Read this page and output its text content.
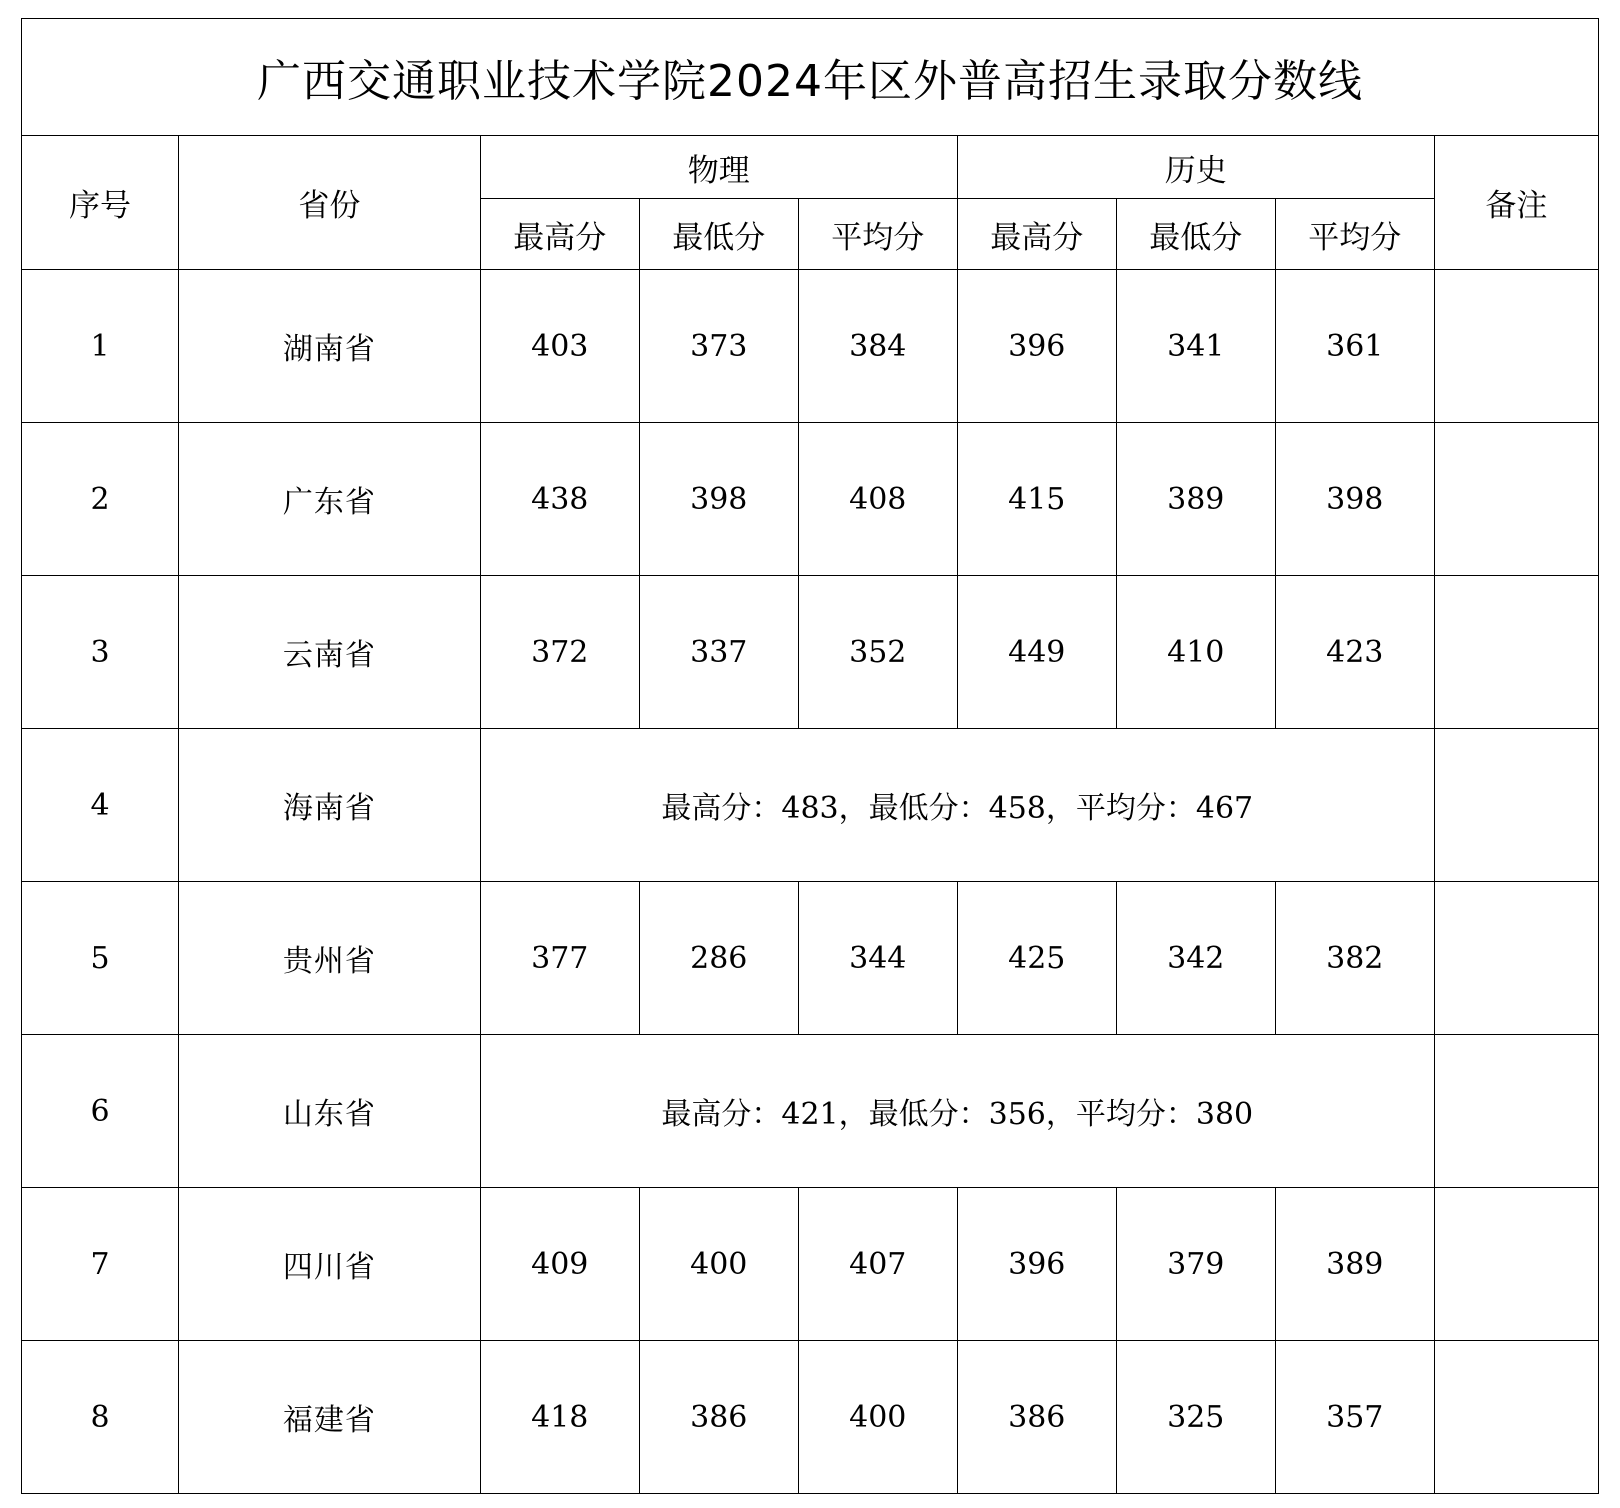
广西交通职业技术学院2024年区外普高招生录取分数线								
序号	省份	物理			历史			备注
		最高分	最低分	平均分	最高分	最低分	平均分	
1	湖南省	403	373	384	396	341	361	
2	广东省	438	398	408	415	389	398	
3	云南省	372	337	352	449	410	423	
4	海南省	最高分：483，最低分：458，平均分：467						
5	贵州省	377	286	344	425	342	382	
6	山东省	最高分：421，最低分：356，平均分：380						
7	四川省	409	400	407	396	379	389	
8	福建省	418	386	400	386	325	357	
